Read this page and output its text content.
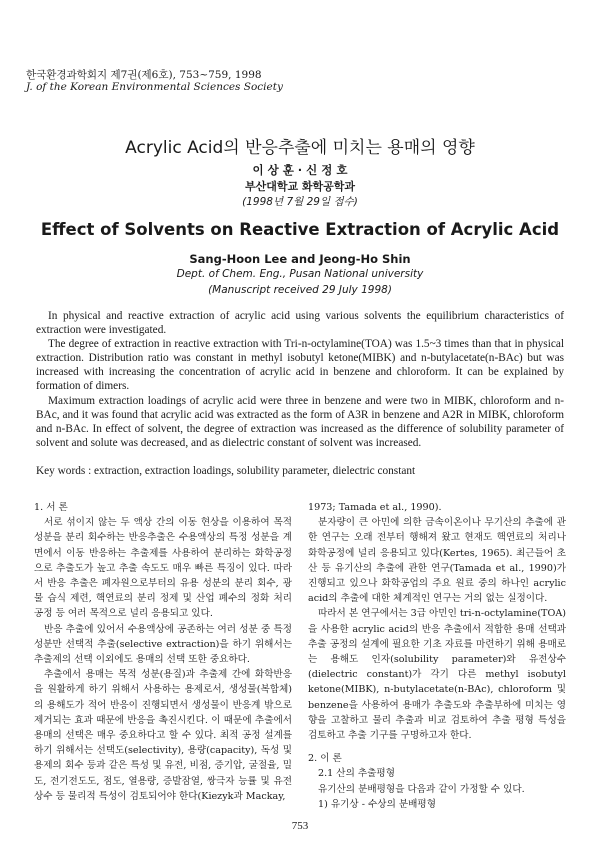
한국환경과학회지 제7권(제6호), 753~759, 1998
J. of the Korean Environmental Sciences Society
Acrylic Acid의 반응추출에 미치는 용매의 영향
이 상 훈 · 신 정 호
부산대학교 화학공학과
(1998년 7월 29일 접수)
Effect of Solvents on Reactive Extraction of Acrylic Acid
Sang-Hoon Lee and Jeong-Ho Shin
Dept. of Chem. Eng., Pusan National university
(Manuscript received 29 July 1998)

In physical and reactive extraction of acrylic acid using various solvents the equilibrium characteristics of extraction were investigated.

The degree of extraction in reactive extraction with Tri-n-octylamine(TOA) was 1.5~3 times than that in physical extraction. Distribution ratio was constant in methyl isobutyl ketone(MIBK) and n-butylacetate(n-BAc) but was increased with increasing the concentration of acrylic acid in benzene and chloroform. It can be explained by formation of dimers.

Maximum extraction loadings of acrylic acid were three in benzene and were two in MIBK, chloroform and n-BAc, and it was found that acrylic acid was extracted as the form of A3R in benzene and A2R in MIBK, chloroform and n-BAc. In effect of solvent, the degree of extraction was increased as the difference of solubility parameter of solvent and solute was decreased, and as dielectric constant of solvent was increased.

Key words : extraction, extraction loadings, solubility parameter, dielectric constant

1. 서 론

서로 섞이지 않는 두 액상 간의 이동 현상을 이용하여 목적 성분을 분리 회수하는 반응추출은 수용액상의 특정 성분을 계면에서 이동 반응하는 추출제를 사용하여 분리하는 화학공정으로 추출도가 높고 추출 속도도 매우 빠른 특징이 있다. 따라서 반응 추출은 폐자원으로부터의 유용 성분의 분리 회수, 광물 습식 제련, 핵연료의 분리 정제 및 산업 폐수의 정화 처리 공정 등 여러 목적으로 널리 응용되고 있다.

반응 추출에 있어서 수용액상에 공존하는 여러 성분 중 특정 성분만 선택적 추출(selective extraction)을 하기 위해서는 추출제의 선택 이외에도 용매의 선택 또한 중요하다.

추출에서 용매는 목적 성분(용질)과 추출제 간에 화학반응을 원활하게 하기 위해서 사용하는 용제로서, 생성물(복합체)의 용해도가 적어 반응이 진행되면서 생성물이 반응계 밖으로 제거되는 효과 때문에 반응을 촉진시킨다. 이 때문에 추출에서 용매의 선택은 매우 중요하다고 할 수 있다. 최적 공정 설계를 하기 위해서는 선택도(selectivity), 용량(capacity), 독성 및 용제의 회수 등과 같은 특성 및 유전, 비점, 증기압, 굴절율, 밀도, 전기전도도, 점도, 열용량, 증발잠열, 쌍극자 능률 및 유전상수 등 물리적 특성이 검토되어야 한다(Kiezyk과 Mackay,

1973; Tamada et al., 1990).

분자량이 큰 아민에 의한 금속이온이나 무기산의 추출에 관한 연구는 오래 전부터 행해져 왔고 현재도 핵연료의 처리나 화학공정에 널리 응용되고 있다(Kertes, 1965). 최근들어 초산 등 유기산의 추출에 관한 연구(Tamada et al., 1990)가 진행되고 있으나 화학공업의 주요 원료 중의 하나인 acrylic acid의 추출에 대한 체계적인 연구는 거의 없는 실정이다.

따라서 본 연구에서는 3급 아민인 tri-n-octylamine(TOA)을 사용한 acrylic acid의 반응 추출에서 적합한 용매 선택과 추출 공정의 설계에 필요한 기초 자료를 마련하기 위해 용매로는 용해도 인자(solubility parameter)와 유전상수(dielectric constant)가 각기 다른 methyl isobutyl ketone(MIBK), n-butylacetate(n-BAc), chloroform 및 benzene을 사용하여 용매가 추출도와 추출부하에 미치는 영향을 고찰하고 물리 추출과 비교 검토하여 추출 평형 특성을 검토하고 추출 기구를 구명하고자 한다.

2. 이 론

2.1 산의 추출평형

유기산의 분배평형을 다음과 같이 가정할 수 있다.

1) 유기상 - 수상의 분배평형

753
